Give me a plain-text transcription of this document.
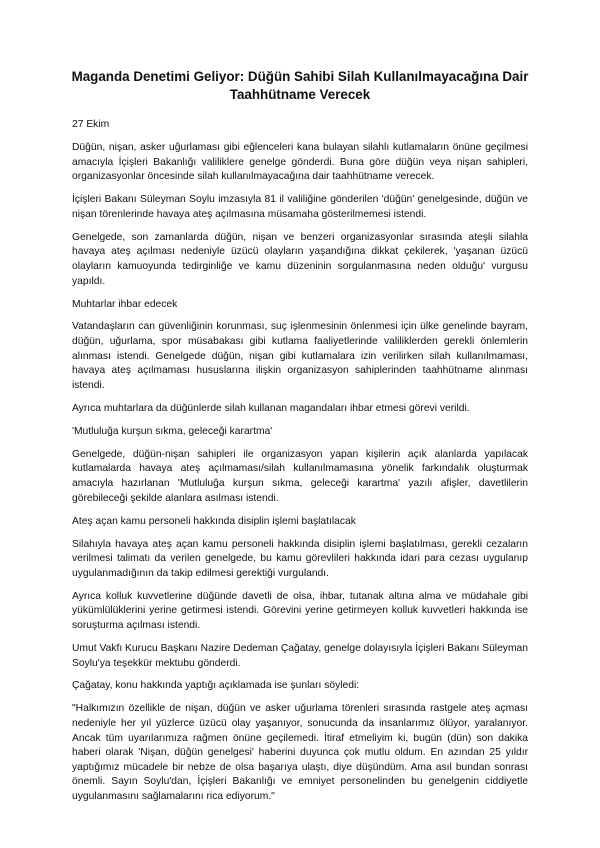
Maganda Denetimi Geliyor: Düğün Sahibi Silah Kullanılmayacağına Dair Taahhütname Verecek

27 Ekim

Düğün, nişan, asker uğurlaması gibi eğlenceleri kana bulayan silahlı kutlamaların önüne geçilmesi amacıyla İçişleri Bakanlığı valiliklere genelge gönderdi. Buna göre düğün veya nişan sahipleri, organizasyonlar öncesinde silah kullanılmayacağına dair taahhütname verecek.

İçişleri Bakanı Süleyman Soylu imzasıyla 81 il valiliğine gönderilen 'düğün' genelgesinde, düğün ve nişan törenlerinde havaya ateş açılmasına müsamaha gösterilmemesi istendi.

Genelgede, son zamanlarda düğün, nişan ve benzeri organizasyonlar sırasında ateşli silahla havaya ateş açılması nedeniyle üzücü olayların yaşandığına dikkat çekilerek, 'yaşanan üzücü olayların kamuoyunda tedirginliğe ve kamu düzeninin sorgulanmasına neden olduğu' vurgusu yapıldı.

Muhtarlar ihbar edecek

Vatandaşların can güvenliğinin korunması, suç işlenmesinin önlenmesi için ülke genelinde bayram, düğün, uğurlama, spor müsabakası gibi kutlama faaliyetlerinde valiliklerden gerekli önlemlerin alınması istendi. Genelgede düğün, nişan gibi kutlamalara izin verilirken silah kullanılmaması, havaya ateş açılmaması hususlarına ilişkin organizasyon sahiplerinden taahhütname alınması istendi.

Ayrıca muhtarlara da düğünlerde silah kullanan magandaları ihbar etmesi görevi verildi.

'Mutluluğa kurşun sıkma, geleceği karartma'

Genelgede, düğün-nişan sahipleri ile organizasyon yapan kişilerin açık alanlarda yapılacak kutlamalarda havaya ateş açılmaması/silah kullanılmamasına yönelik farkındalık oluşturmak amacıyla hazırlanan 'Mutluluğa kurşun sıkma, geleceği karartma' yazılı afişler, davetlilerin görebileceği şekilde alanlara asılması istendi.

Ateş açan kamu personeli hakkında disiplin işlemi başlatılacak

Silahıyla havaya ateş açan kamu personeli hakkında disiplin işlemi başlatılması, gerekli cezaların verilmesi talimatı da verilen genelgede, bu kamu görevlileri hakkında idari para cezası uygulanıp uygulanmadığının da takip edilmesi gerektiği vurgulandı.

Ayrıca kolluk kuvvetlerine düğünde davetli de olsa, ihbar, tutanak altına alma ve müdahale gibi yükümlülüklerini yerine getirmesi istendi. Görevini yerine getirmeyen kolluk kuvvetleri hakkında ise soruşturma açılması istendi.

Umut Vakfı Kurucu Başkanı Nazire Dedeman Çağatay, genelge dolayısıyla İçişleri Bakanı Süleyman Soylu'ya teşekkür mektubu gönderdi.

Çağatay, konu hakkında yaptığı açıklamada ise şunları söyledi:

"Halkımızın özellikle de nişan, düğün ve asker uğurlama törenleri sırasında rastgele ateş açması nedeniyle her yıl yüzlerce üzücü olay yaşanıyor, sonucunda da insanlarımız ölüyor, yaralanıyor. Ancak tüm uyarılarımıza rağmen önüne geçilemedi. İtiraf etmeliyim ki, bugün (dün) son dakika haberi olarak 'Nişan, düğün genelgesi' haberini duyunca çok mutlu oldum. En azından 25 yıldır yaptığımız mücadele bir nebze de olsa başarıya ulaştı, diye düşündüm. Ama asıl bundan sonrası önemli. Sayın Soylu'dan, İçişleri Bakanlığı ve emniyet personelinden bu genelgenin ciddiyetle uygulanmasını sağlamalarını rica ediyorum."
